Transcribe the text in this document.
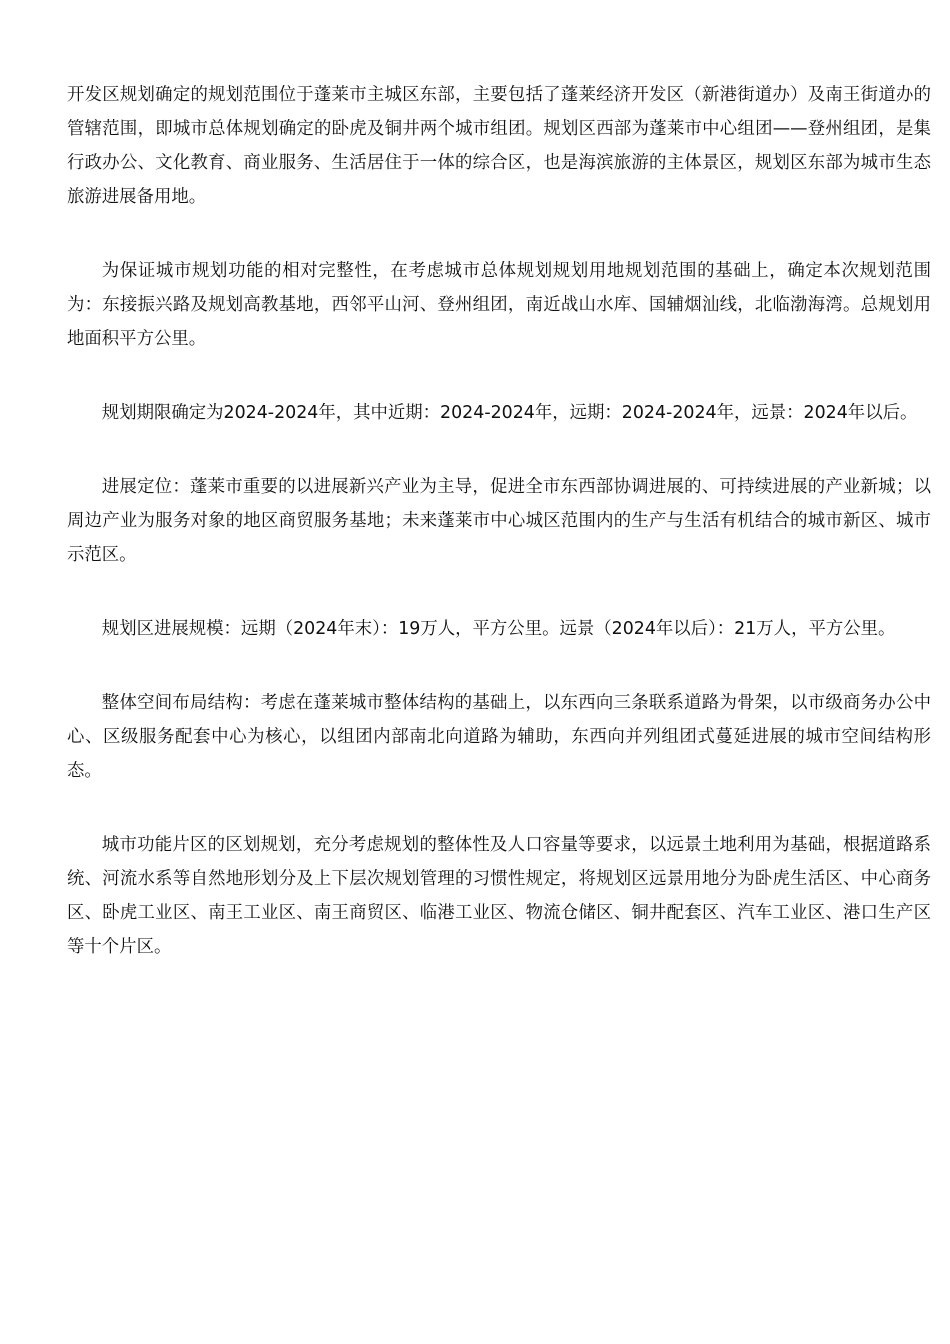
开发区规划确定的规划范围位于蓬莱市主城区东部，主要包括了蓬莱经济开发区（新港街道办）及南王街道办的管辖范围，即城市总体规划确定的卧虎及铜井两个城市组团。规划区西部为蓬莱市中心组团——登州组团，是集行政办公、文化教育、商业服务、生活居住于一体的综合区，也是海滨旅游的主体景区，规划区东部为城市生态旅游进展备用地。

为保证城市规划功能的相对完整性，在考虑城市总体规划规划用地规划范围的基础上，确定本次规划范围为：东接振兴路及规划高教基地，西邻平山河、登州组团，南近战山水库、国辅烟汕线，北临渤海湾。总规划用地面积平方公里。

规划期限确定为2024-2024年，其中近期：2024-2024年，远期：2024-2024年，远景：2024年以后。

进展定位：蓬莱市重要的以进展新兴产业为主导，促进全市东西部协调进展的、可持续进展的产业新城；以周边产业为服务对象的地区商贸服务基地；未来蓬莱市中心城区范围内的生产与生活有机结合的城市新区、城市示范区。

规划区进展规模：远期（2024年末）：19万人，平方公里。远景（2024年以后）：21万人，平方公里。

整体空间布局结构：考虑在蓬莱城市整体结构的基础上，以东西向三条联系道路为骨架，以市级商务办公中心、区级服务配套中心为核心，以组团内部南北向道路为辅助，东西向并列组团式蔓延进展的城市空间结构形态。

城市功能片区的区划规划，充分考虑规划的整体性及人口容量等要求，以远景土地利用为基础，根据道路系统、河流水系等自然地形划分及上下层次规划管理的习惯性规定，将规划区远景用地分为卧虎生活区、中心商务区、卧虎工业区、南王工业区、南王商贸区、临港工业区、物流仓储区、铜井配套区、汽车工业区、港口生产区等十个片区。
